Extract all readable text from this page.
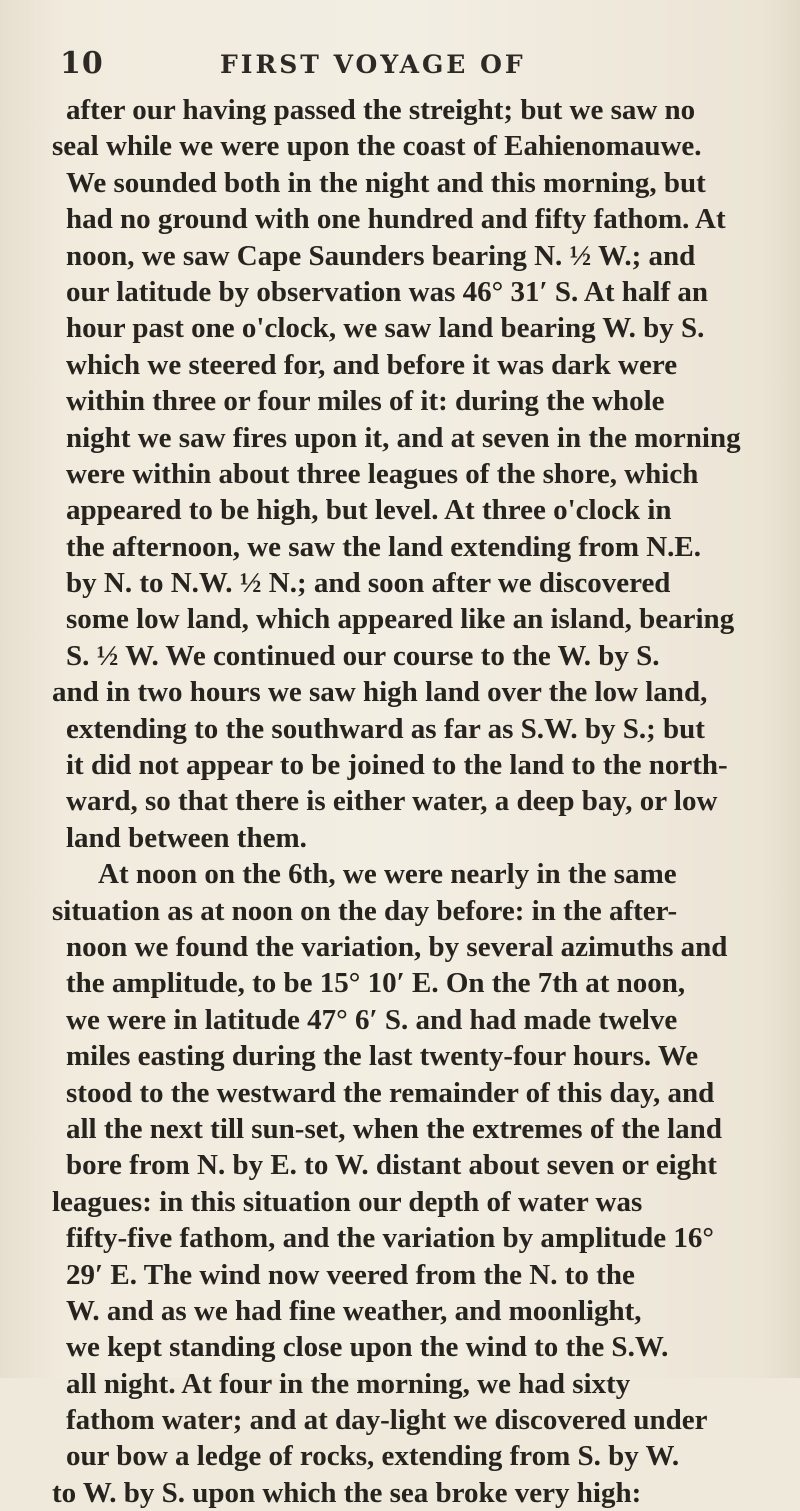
10	FIRST VOYAGE OF
after our having passed the streight; but we saw no
seal while we were upon the coast of Eahienomauwe.
We sounded both in the night and this morning, but
had no ground with one hundred and fifty fathom. At
noon, we saw Cape Saunders bearing N. ½ W.; and
our latitude by observation was 46° 31′ S. At half an
hour past one o'clock, we saw land bearing W. by S.
which we steered for, and before it was dark were
within three or four miles of it: during the whole
night we saw fires upon it, and at seven in the morning
were within about three leagues of the shore, which
appeared to be high, but level. At three o'clock in
the afternoon, we saw the land extending from N.E.
by N. to N.W. ½ N.; and soon after we discovered
some low land, which appeared like an island, bearing
S. ½ W. We continued our course to the W. by S.
and in two hours we saw high land over the low land,
extending to the southward as far as S.W. by S.; but
it did not appear to be joined to the land to the north-
ward, so that there is either water, a deep bay, or low
land between them.
At noon on the 6th, we were nearly in the same
situation as at noon on the day before: in the after-
noon we found the variation, by several azimuths and
the amplitude, to be 15° 10′ E. On the 7th at noon,
we were in latitude 47° 6′ S. and had made twelve
miles easting during the last twenty-four hours. We
stood to the westward the remainder of this day, and
all the next till sun-set, when the extremes of the land
bore from N. by E. to W. distant about seven or eight
leagues: in this situation our depth of water was
fifty-five fathom, and the variation by amplitude 16°
29′ E. The wind now veered from the N. to the
W. and as we had fine weather, and moonlight,
we kept standing close upon the wind to the S.W.
all night. At four in the morning, we had sixty
fathom water; and at day-light we discovered under
our bow a ledge of rocks, extending from S. by W.
to W. by S. upon which the sea broke very high:
